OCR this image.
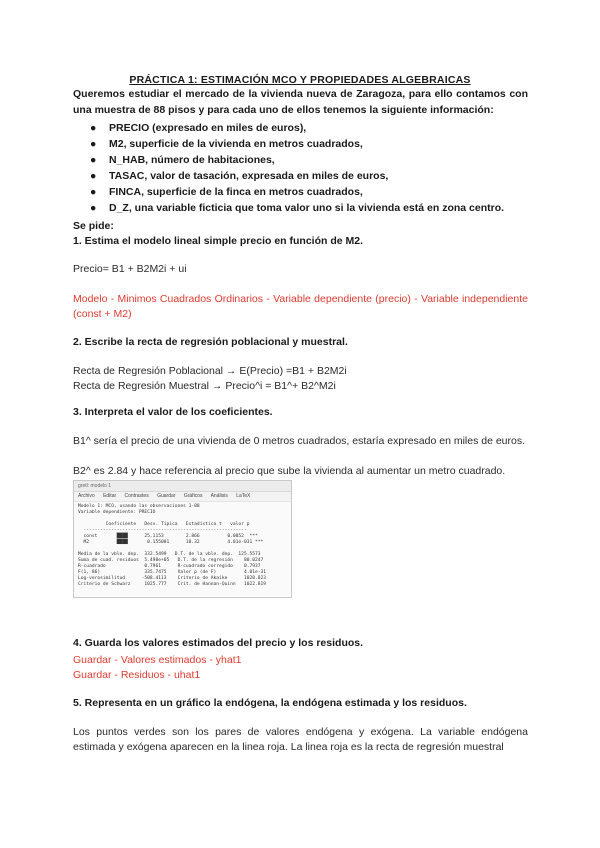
PRÁCTICA 1: ESTIMACIÓN MCO Y PROPIEDADES ALGEBRAICAS
Queremos estudiar el mercado de la vivienda nueva de Zaragoza, para ello contamos con una muestra de 88 pisos y para cada uno de ellos tenemos la siguiente información:
● PRECIO (expresado en miles de euros),
● M2, superficie de la vivienda en metros cuadrados,
● N_HAB, número de habitaciones,
● TASAC, valor de tasación, expresada en miles de euros,
● FINCA, superficie de la finca en metros cuadrados,
● D_Z, una variable ficticia que toma valor uno si la vivienda está en zona centro.
Se pide:
1. Estima el modelo lineal simple precio en función de M2.
Precio= B1 + B2M2i + ui
Modelo - Minimos Cuadrados Ordinarios - Variable dependiente (precio) - Variable independiente (const + M2)
2. Escribe la recta de regresión poblacional y muestral.
Recta de Regresión Poblacional → E(Precio) =B1 + B2M2i
Recta de Regresión Muestral → Precio^i = B1^+ B2^M2i
3. Interpreta el valor de los coeficientes.
B1^ sería el precio de una vivienda de 0 metros cuadrados, estaría expresado en miles de euros.
B2^ es 2.84 y hace referencia al precio que sube la vivienda al aumentar un metro cuadrado.
gretl: modelo 1
Archivo Editar Contrastes Guardar Gráficos Análisis LaTeX
Modelo 1: MCO, usando las observaciones 1-88
Variable dependiente: PRECIO

Coeficiente   Desv. Típica   Estadístico t   valor p
-----------------------------------------------------------
const       ████      25.1153        2.866          0.0052  ***
M2          ████       0.155081      18.32          4.01e-031 ***

Media de la vble. dep.  332.5499   D.T. de la vble. dep.  125.5573
Suma de cuad. residuos  5.498e+05   D.T. de la regresión    80.0247
R-cuadrado              0.7961      R-cuadrado corregido    0.7937
F(1, 86)                335.7475    Valor p (de F)          4.01e-31
Log-verosimilitud      -508.4113    Criterio de Akaike      1020.823
Criterio de Schwarz     1025.777    Crit. de Hannan-Quinn   1022.819
4. Guarda los valores estimados del precio y los residuos.
Guardar - Valores estimados - yhat1
Guardar - Residuos - uhat1
5. Representa en un gráfico la endógena, la endógena estimada y los residuos.
Los puntos verdes son los pares de valores endógena y exógena. La variable endógena estimada y exógena aparecen en la linea roja. La linea roja es la recta de regresión muestral
